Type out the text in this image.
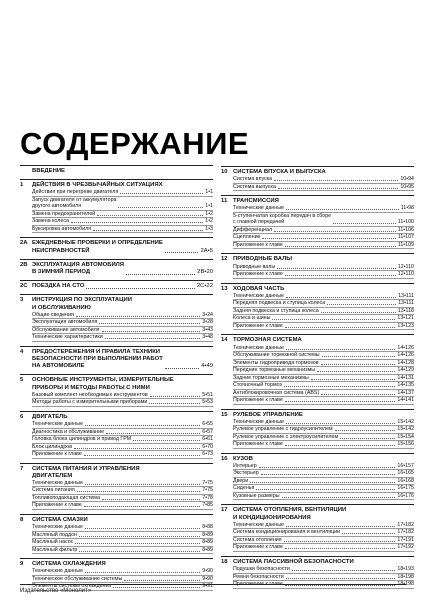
СОДЕРЖАНИЕ
ВВЕДЕНИЕ
1	ДЕЙСТВИЯ В ЧРЕЗВЫЧАЙНЫХ СИТУАЦИЯХ
Действия при перегреве двигателя	1•1
Запуск двигателя от аккумулятора
другого автомобиля	1•1
Замена предохранителей	1•2
Замена колеса	1•2
Буксировка автомобиля	1•3
2A ЕЖЕДНЕВНЫЕ ПРОВЕРКИ И ОПРЕДЕЛЕНИЕ
НЕИСПРАВНОСТЕЙ	2A•5
2B ЭКСПЛУАТАЦИЯ АВТОМОБИЛЯ
В ЗИМНИЙ ПЕРИОД	2B•20
2C ПОЕЗДКА НА СТО	2C•22
3	ИНСТРУКЦИЯ ПО ЭКСПЛУАТАЦИИ
И ОБСЛУЖИВАНИЮ
Общие сведения	3•24
Эксплуатация автомобиля	3•28
Обслуживание автомобиля	3•43
Технические характеристики	3•48
4	ПРЕДОСТЕРЕЖЕНИЯ И ПРАВИЛА ТЕХНИКИ
БЕЗОПАСНОСТИ ПРИ ВЫПОЛНЕНИИ РАБОТ
НА АВТОМОБИЛЕ	4•49
5	ОСНОВНЫЕ ИНСТРУМЕНТЫ, ИЗМЕРИТЕЛЬНЫЕ
ПРИБОРЫ И МЕТОДЫ РАБОТЫ С НИМИ
Базовый комплект необходимых инструментов	5•51
Методы работы с измерительными приборами	5•53
6	ДВИГАТЕЛЬ
Технические данные	6•55
Диагностика и обслуживание	6•57
Головка блока цилиндров и привод ГРМ	6•61
Блок цилиндров	6•70
Приложение к главе	6•73
7	СИСТЕМА ПИТАНИЯ И УПРАВЛЕНИЯ
ДВИГАТЕЛЕМ
Технические данные	7•75
Система питания	7•75
Топливоподающая система	7•78
Приложение к главе	7•85
8	СИСТЕМА СМАЗКИ
Технические данные	8•88
Масляный поддон	8•89
Масляный насос	8•89
Масляный фильтр	8•89
9	СИСТЕМА ОХЛАЖДЕНИЯ
Технические данные	9•90
Техническое обслуживание системы	9•90
Элементы системы охлаждения	9•91
10 СИСТЕМА ВПУСКА И ВЫПУСКА
Система впуска	10•94
Система выпуска	10•95
11 ТРАНСМИССИЯ
Технические данные	11•98
5-ступенчатая коробка передач в сборе
с главной передачей	11•100
Дифференциал	11•106
Сцепление	11•107
Приложение к главе	11•109
12 ПРИВОДНЫЕ ВАЛЫ
Приводные валы	12•110
Приложение к главе	12•110
13 ХОДОВАЯ ЧАСТЬ
Технические данные	13•111
Передняя подвеска и ступица колеса	13•111
Задняя подвеска и ступица колеса	13•118
Колеса и шины	13•121
Приложение к главе	13•123
14 ТОРМОЗНАЯ СИСТЕМА
Технические данные	14•126
Обслуживание тормозной системы	14•126
Элементы гидропривода тормозов	14•128
Передние тормозные механизмы	14•129
Задние тормозные механизмы	14•131
Стояночный тормоз	14•135
Антиблокировочная система (ABS)	14•137
Приложение к главе	14•141
15 РУЛЕВОЕ УПРАВЛЕНИЕ
Технические данные	15•142
Рулевое управление с гидроусилителем	15•142
Рулевое управление с электроусилителем	15•154
Приложение к главе	15•156
16 КУЗОВ
Интерьер	16•157
Экстерьер	16•165
Двери	16•168
Сиденья	16•175
Кузовные размеры	16•176
17 СИСТЕМА ОТОПЛЕНИЯ, ВЕНТИЛЯЦИИ
И КОНДИЦИОНИРОВАНИЯ
Технические данные	17•182
Система кондиционирования и вентиляции	17•182
Система отопления	17•191
Приложение к главе	17•192
18 СИСТЕМА ПАССИВНОЙ БЕЗОПАСНОСТИ
Подушки безопасности	18•193
Ремни безопасности	18•198
Приложение к главе	18•198
Издательство «Монолит»
